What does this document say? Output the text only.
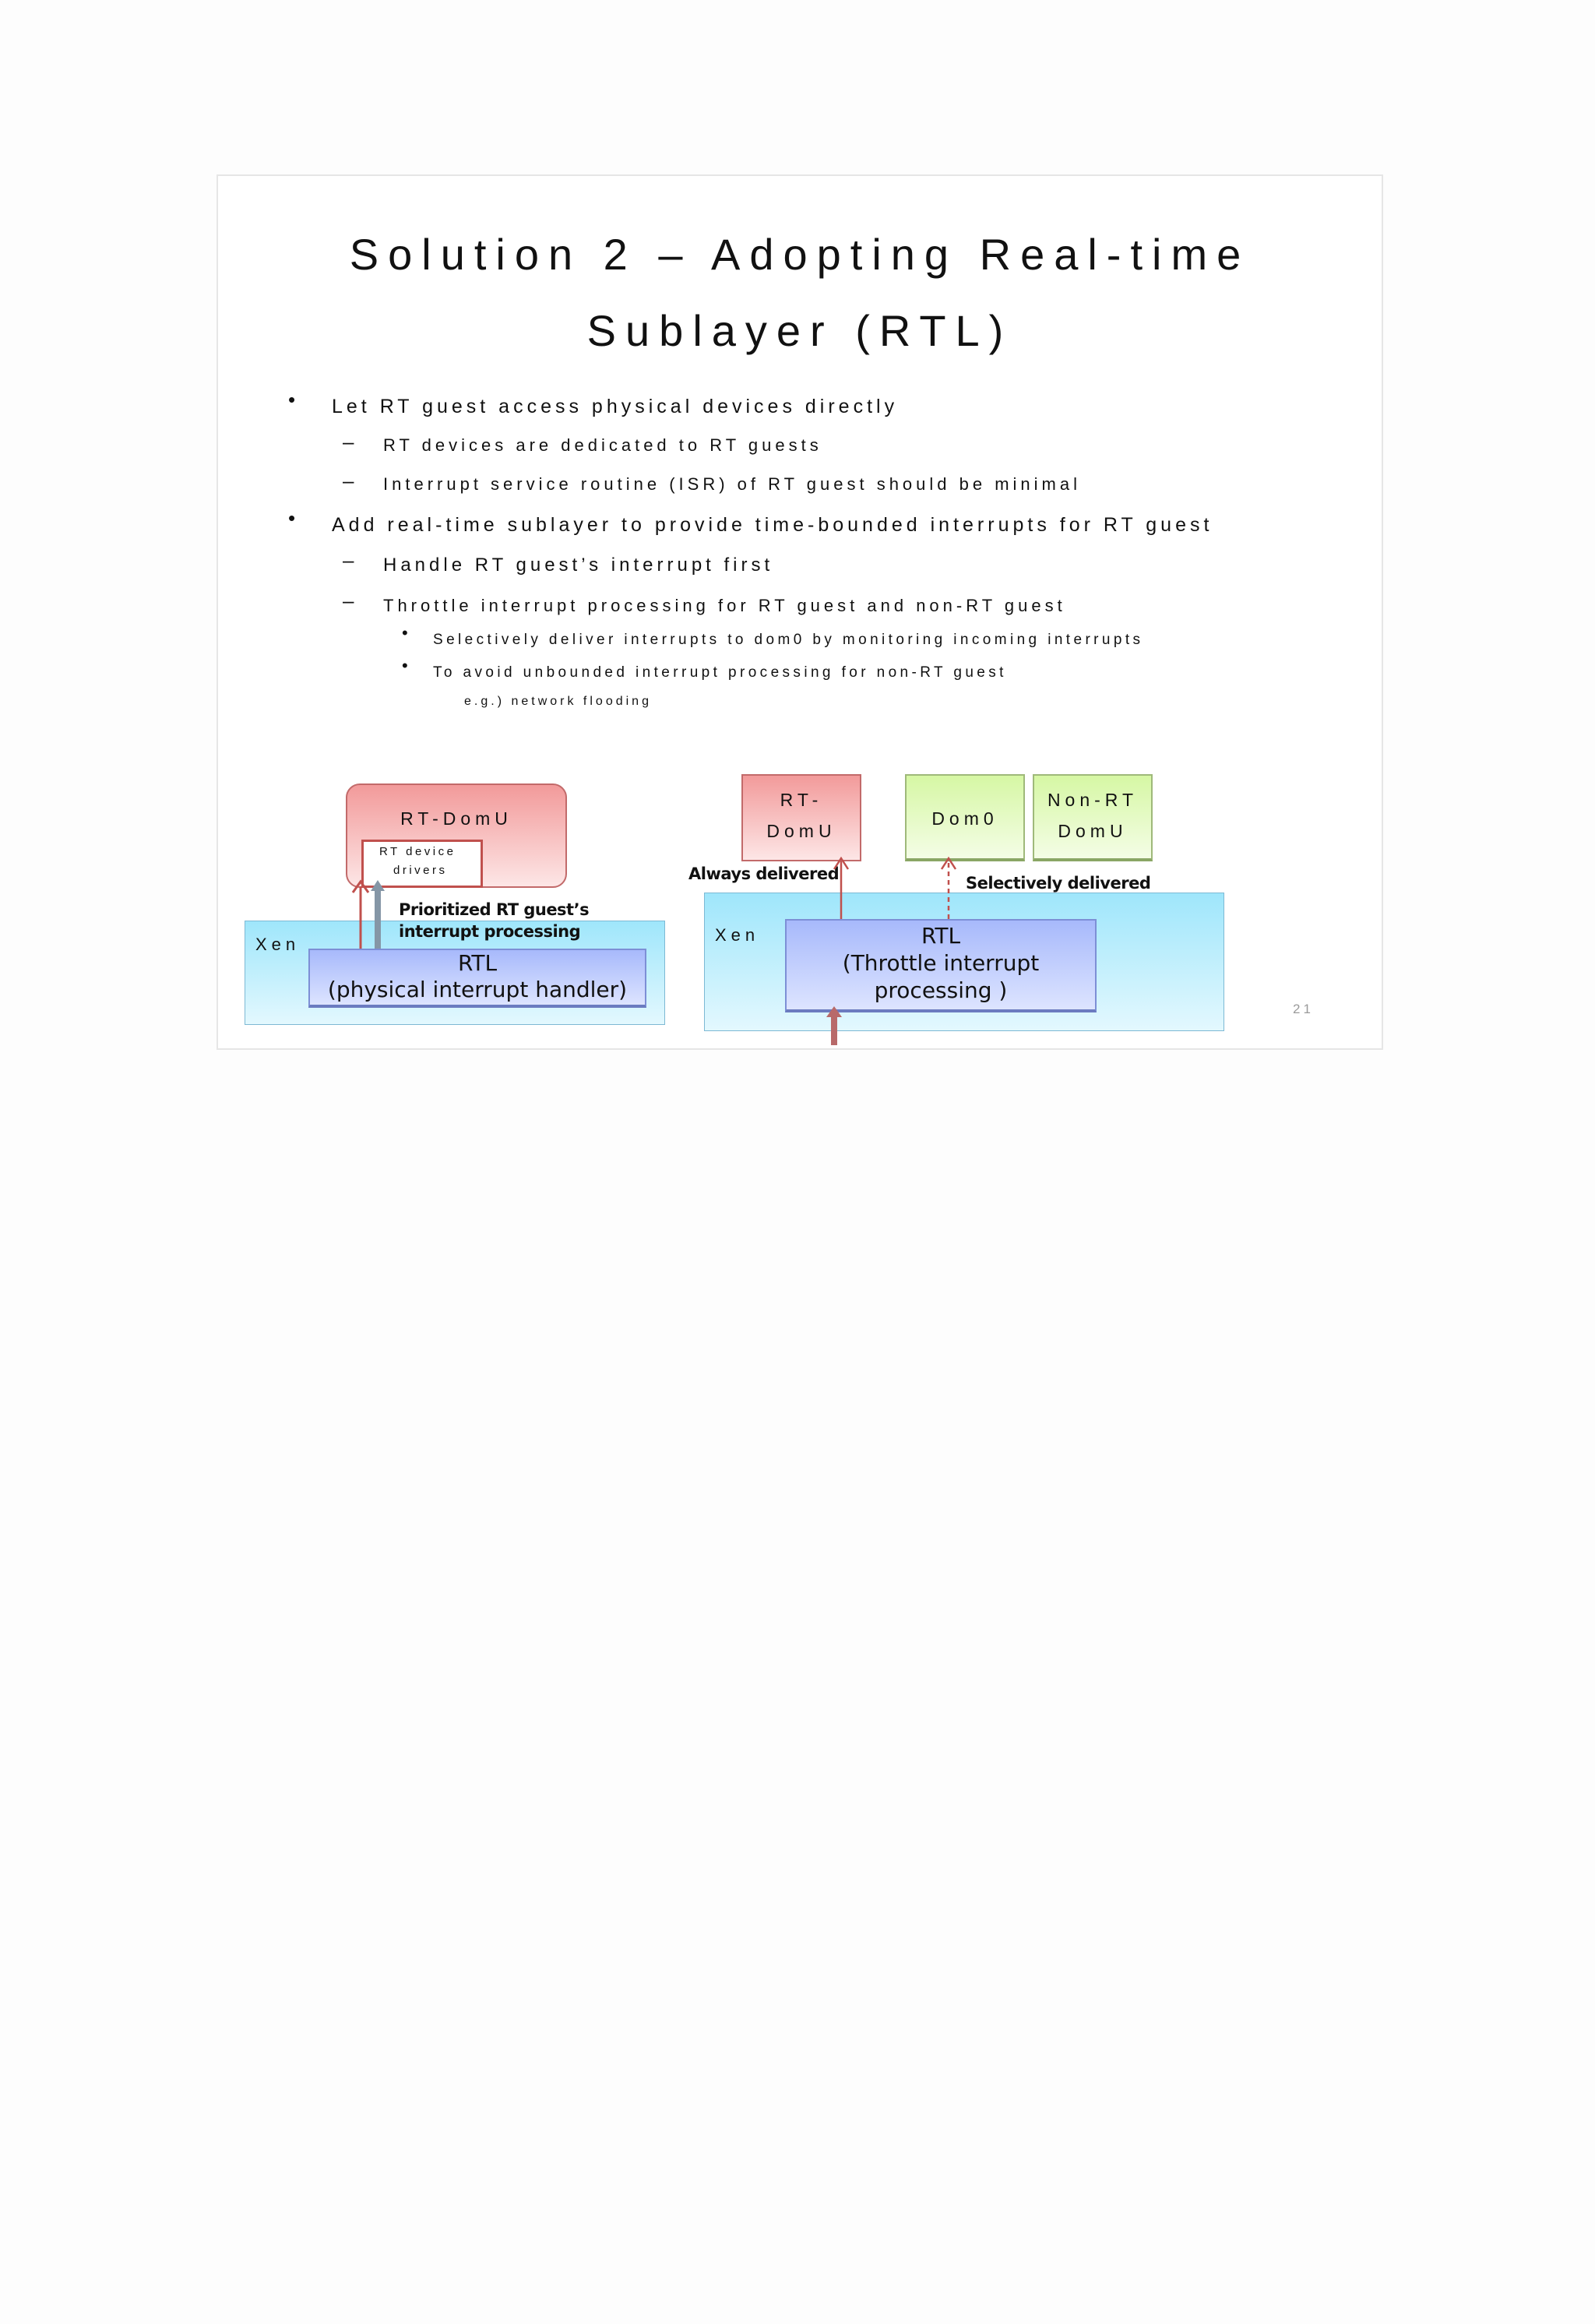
Solution 2 – Adopting Real-time
Sublayer (RTL)
• Let RT guest access physical devices directly
– RT devices are dedicated to RT guests
– Interrupt service routine (ISR) of RT guest should be minimal
• Add real-time sublayer to provide time-bounded interrupts for RT guest
– Handle RT guest’s interrupt first
– Throttle interrupt processing for RT guest and non-RT guest
• Selectively deliver interrupts to dom0 by monitoring incoming interrupts
• To avoid unbounded interrupt processing for non-RT guest
e.g.) network flooding
Xen
RT-DomU
RT device
drivers
Prioritized RT guest’s
interrupt processing
RTL
(physical interrupt handler)
Xen	RTL
(Throttle interrupt
processing )
RT-
DomU
Dom0
Non-RT
DomU
Always delivered	Selectively delivered
21
